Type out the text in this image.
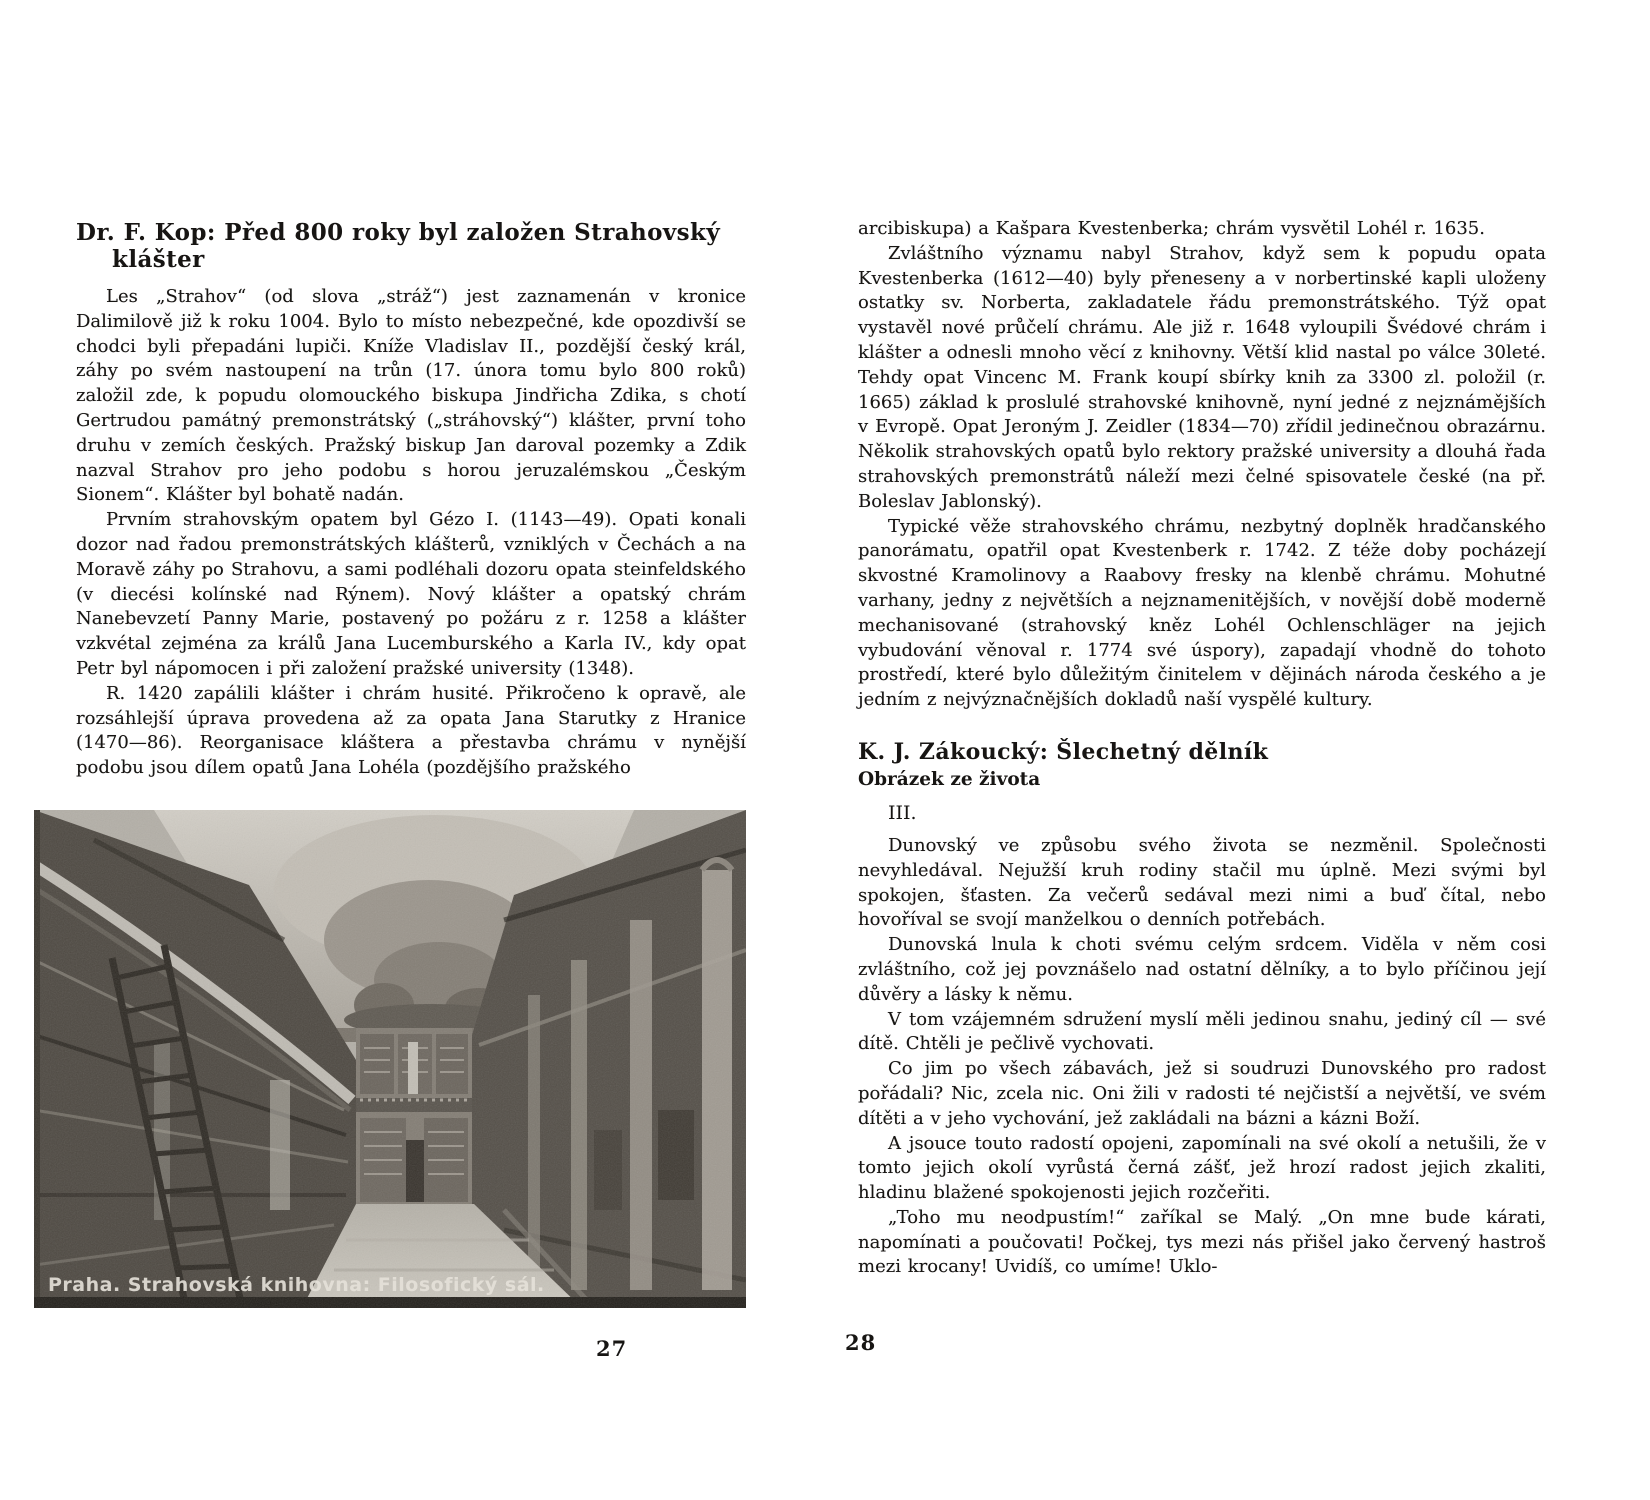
Dr. F. Kop: Před 800 roky byl založen Strahovský klášter

Les „Strahov“ (od slova „stráž“) jest zaznamenán v kronice Dalimilově již k roku 1004. Bylo to místo nebezpečné, kde opozdivší se chodci byli přepadáni lupiči. Kníže Vladislav II., pozdější český král, záhy po svém nastoupení na trůn (17. února tomu bylo 800 roků) založil zde, k popudu olomouckého biskupa Jindřicha Zdika, s chotí Gertrudou památný premonstrátský („stráhovský“) klášter, první toho druhu v zemích českých. Pražský biskup Jan daroval pozemky a Zdik nazval Strahov pro jeho podobu s horou jeruzalémskou „Českým Sionem“. Klášter byl bohatě nadán.

Prvním strahovským opatem byl Gézo I. (1143—49). Opati konali dozor nad řadou premonstrátských klášterů, vzniklých v Čechách a na Moravě záhy po Strahovu, a sami podléhali dozoru opata steinfeldského (v diecési kolínské nad Rýnem). Nový klášter a opatský chrám Nanebevzetí Panny Marie, postavený po požáru z r. 1258 a klášter vzkvétal zejména za králů Jana Lucemburského a Karla IV., kdy opat Petr byl nápomocen i při založení pražské university (1348).

R. 1420 zapálili klášter i chrám husité. Přikročeno k opravě, ale rozsáhlejší úprava provedena až za opata Jana Starutky z Hranice (1470—86). Reorganisace kláštera a přestavba chrámu v nynější podobu jsou dílem opatů Jana Lohéla (pozdějšího pražského

Praha. Strahovská knihovna: Filosofický sál.
27

arcibiskupa) a Kašpara Kvestenberka; chrám vysvětil Lohél r. 1635.

Zvláštního významu nabyl Strahov, když sem k popudu opata Kvestenberka (1612—40) byly přeneseny a v norbertinské kapli uloženy ostatky sv. Norberta, zakladatele řádu premonstrátského. Týž opat vystavěl nové průčelí chrámu. Ale již r. 1648 vyloupili Švédové chrám i klášter a odnesli mnoho věcí z knihovny. Větší klid nastal po válce 30leté. Tehdy opat Vincenc M. Frank koupí sbírky knih za 3300 zl. položil (r. 1665) základ k proslulé strahovské knihovně, nyní jedné z nejznámějších v Evropě. Opat Jeroným J. Zeidler (1834—70) zřídil jedinečnou obrazárnu. Několik strahovských opatů bylo rektory pražské university a dlouhá řada strahovských premonstrátů náleží mezi čelné spisovatele české (na př. Boleslav Jablonský).

Typické věže strahovského chrámu, nezbytný doplněk hradčanského panorámatu, opatřil opat Kvestenberk r. 1742. Z téže doby pocházejí skvostné Kramolinovy a Raabovy fresky na klenbě chrámu. Mohutné varhany, jedny z největších a nejznamenitějších, v novější době moderně mechanisované (strahovský kněz Lohél Ochlenschläger na jejich vybudování věnoval r. 1774 své úspory), zapadají vhodně do tohoto prostředí, které bylo důležitým činitelem v dějinách národa českého a je jedním z nejvýznačnějších dokladů naší vyspělé kultury.

K. J. Zákoucký: Šlechetný dělník
Obrázek ze života

III.

Dunovský ve způsobu svého života se nezměnil. Společnosti nevyhledával. Nejužší kruh rodiny stačil mu úplně. Mezi svými byl spokojen, šťasten. Za večerů sedával mezi nimi a buď čítal, nebo hovoříval se svojí manželkou o denních potřebách.

Dunovská lnula k choti svému celým srdcem. Viděla v něm cosi zvláštního, což jej povznášelo nad ostatní dělníky, a to bylo příčinou její důvěry a lásky k němu.

V tom vzájemném sdružení myslí měli jedinou snahu, jediný cíl — své dítě. Chtěli je pečlivě vychovati.

Co jim po všech zábavách, jež si soudruzi Dunovského pro radost pořádali? Nic, zcela nic. Oni žili v radosti té nejčistší a největší, ve svém dítěti a v jeho vychování, jež zakládali na bázni a kázni Boží.

A jsouce touto radostí opojeni, zapomínali na své okolí a netušili, že v tomto jejich okolí vyrůstá černá zášť, jež hrozí radost jejich zkaliti, hladinu blažené spokojenosti jejich rozčeřiti.

„Toho mu neodpustím!“ zaříkal se Malý. „On mne bude kárati, napomínati a poučovati! Počkej, tys mezi nás přišel jako červený hastroš mezi krocany! Uvidíš, co umíme! Uklo-

28
